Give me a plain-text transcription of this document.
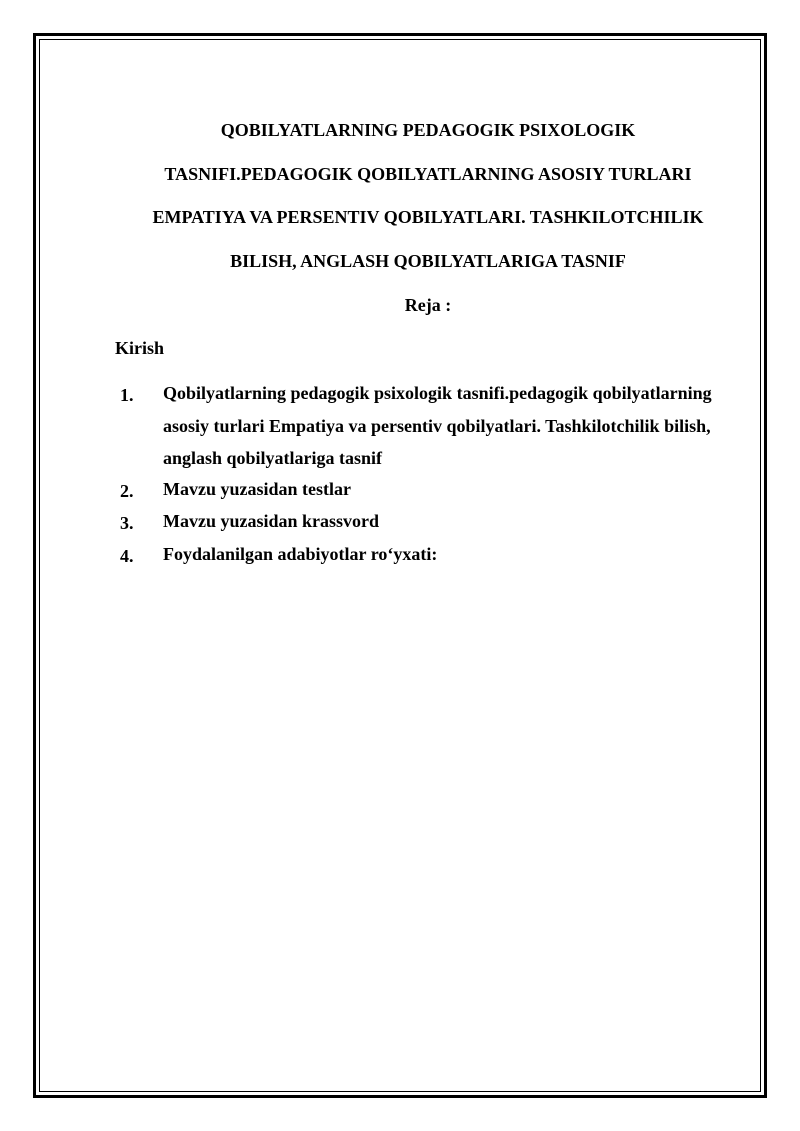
QOBILYATLARNING PEDAGOGIK PSIXOLOGIK
TASNIFI.PEDAGOGIK QOBILYATLARNING ASOSIY TURLARI
EMPATIYA VA PERSENTIV QOBILYATLARI. TASHKILOTCHILIK
BILISH, ANGLASH QOBILYATLARIGA TASNIF
Reja :
Kirish
1.	Qobilyatlarning pedagogik psixologik tasnifi.pedagogik qobilyatlarning asosiy turlari Empatiya va persentiv qobilyatlari. Tashkilotchilik bilish, anglash qobilyatlariga tasnif
2.	Mavzu yuzasidan testlar
3.	Mavzu yuzasidan krassvord
4.	Foydalanilgan adabiyotlar ro‘yxati:
